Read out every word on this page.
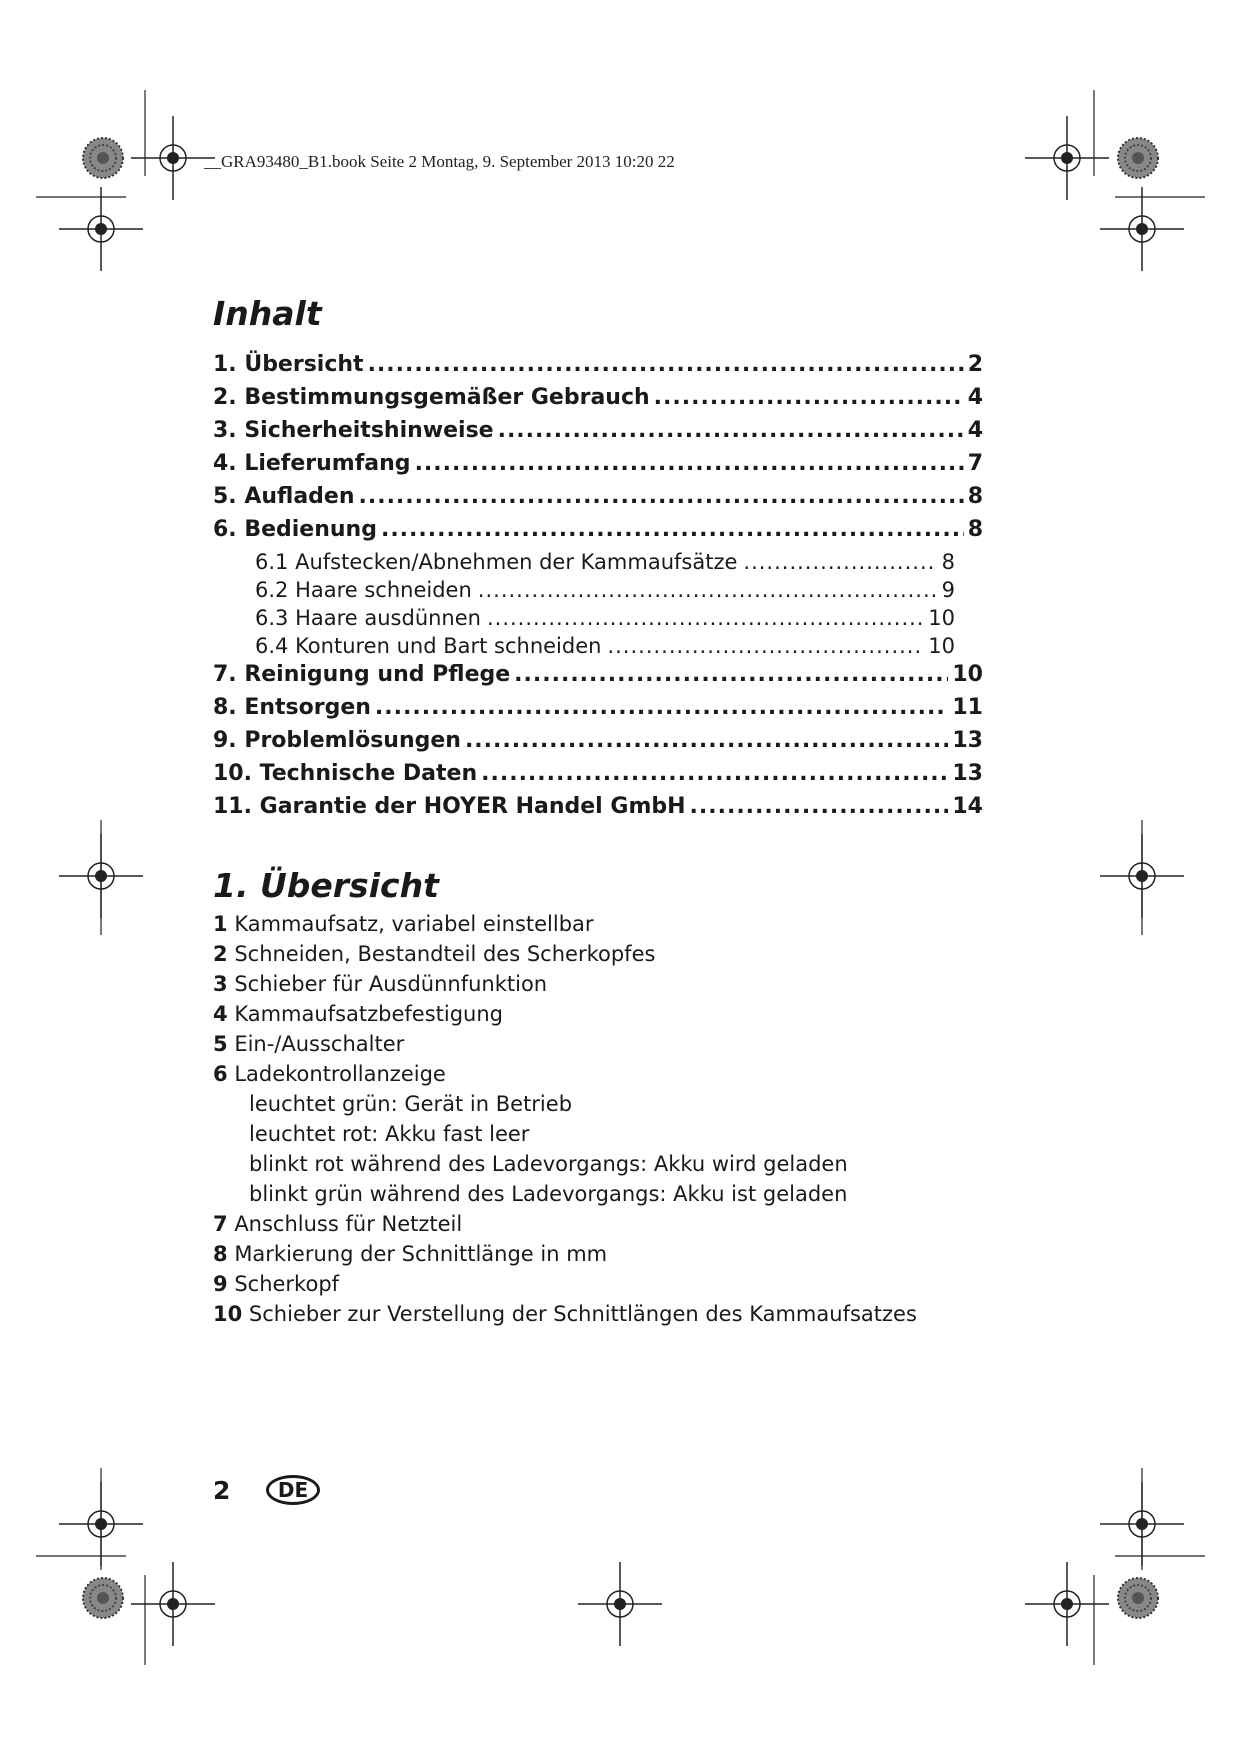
__GRA93480_B1.book Seite 2 Montag, 9. September 2013 10:20 22
Inhalt
1. Übersicht .....	2
2. Bestimmungsgemäßer Gebrauch .....	4
3. Sicherheitshinweise .....	4
4. Lieferumfang .....	7
5. Aufladen .....	8
6. Bedienung .....	8
6.1 Aufstecken/Abnehmen der Kammaufsätze .....	8
6.2 Haare schneiden .....	9
6.3 Haare ausdünnen .....	10
6.4 Konturen und Bart schneiden .....	10
7. Reinigung und Pflege .....	10
8. Entsorgen .....	11
9. Problemlösungen .....	13
10. Technische Daten .....	13
11. Garantie der HOYER Handel GmbH .....	14
1. Übersicht
1 Kammaufsatz, variabel einstellbar
2 Schneiden, Bestandteil des Scherkopfes
3 Schieber für Ausdünnfunktion
4 Kammaufsatzbefestigung
5 Ein-/Ausschalter
6 Ladekontrollanzeige
leuchtet grün: Gerät in Betrieb
leuchtet rot: Akku fast leer
blinkt rot während des Ladevorgangs: Akku wird geladen
blinkt grün während des Ladevorgangs: Akku ist geladen
7 Anschluss für Netzteil
8 Markierung der Schnittlänge in mm
9 Scherkopf
10 Schieber zur Verstellung der Schnittlängen des Kammaufsatzes
2	DE
